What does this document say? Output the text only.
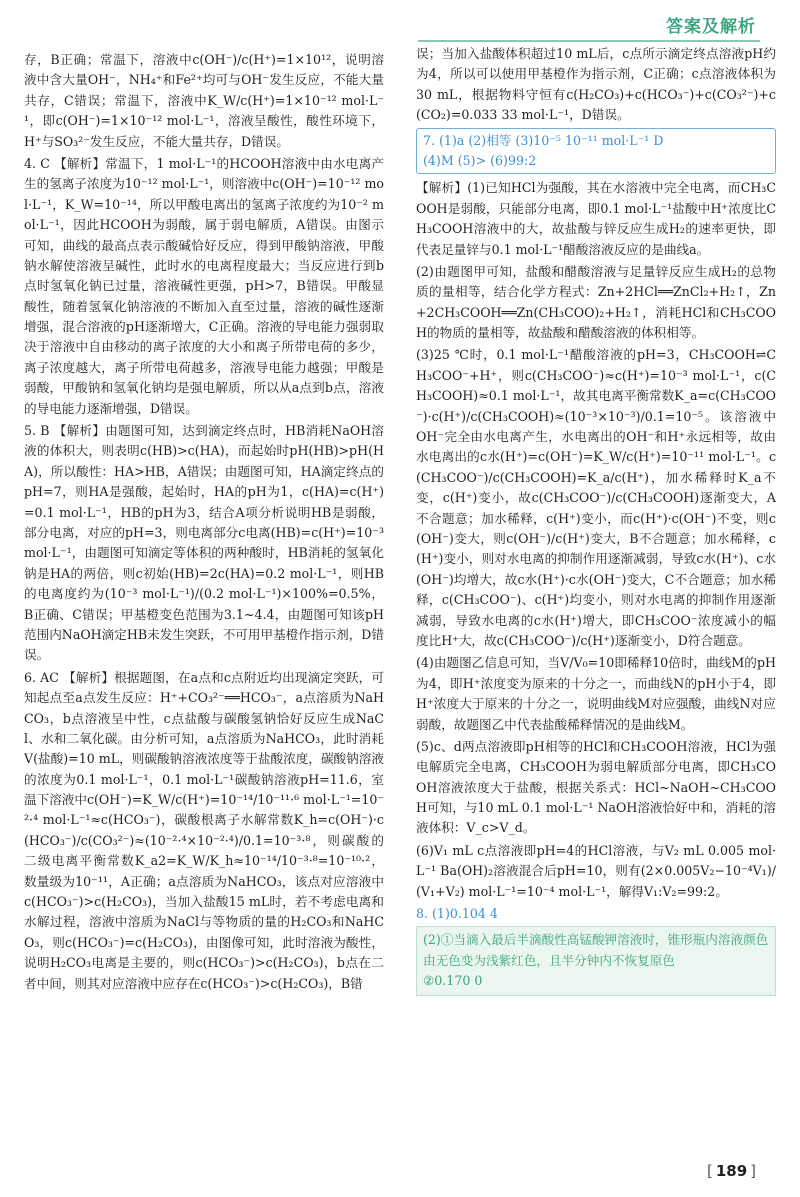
答案及解析

存，B正确；常温下，溶液中c(OH⁻)/c(H⁺)=1×10¹²，说明溶液中含大量OH⁻，NH₄⁺和Fe²⁺均可与OH⁻发生反应，不能大量共存，C错误；常温下，溶液中K_W/c(H⁺)=1×10⁻¹² mol·L⁻¹，即c(OH⁻)=1×10⁻¹² mol·L⁻¹，溶液呈酸性，酸性环境下，H⁺与SO₃²⁻发生反应，不能大量共存，D错误。

4. C 【解析】常温下，1 mol·L⁻¹的HCOOH溶液中由水电离产生的氢离子浓度为10⁻¹² mol·L⁻¹，则溶液中c(OH⁻)=10⁻¹² mol·L⁻¹，K_W=10⁻¹⁴，所以甲酸电离出的氢离子浓度约为10⁻² mol·L⁻¹，因此HCOOH为弱酸，属于弱电解质，A错误。由图示可知，曲线的最高点表示酸碱恰好反应，得到甲酸钠溶液，甲酸钠水解使溶液呈碱性，此时水的电离程度最大；当反应进行到b点时氢氧化钠已过量，溶液碱性更强，pH>7，B错误。甲酸显酸性，随着氢氧化钠溶液的不断加入直至过量，溶液的碱性逐渐增强，混合溶液的pH逐渐增大，C正确。溶液的导电能力强弱取决于溶液中自由移动的离子浓度的大小和离子所带电荷的多少，离子浓度越大，离子所带电荷越多，溶液导电能力越强；甲酸是弱酸，甲酸钠和氢氧化钠均是强电解质，所以从a点到b点，溶液的导电能力逐渐增强，D错误。

5. B 【解析】由题图可知，达到滴定终点时，HB消耗NaOH溶液的体积大，则表明c(HB)>c(HA)，而起始时pH(HB)>pH(HA)，所以酸性：HA>HB，A错误；由题图可知，HA滴定终点的pH=7，则HA是强酸，起始时，HA的pH为1，c(HA)=c(H⁺)=0.1 mol·L⁻¹，HB的pH为3，结合A项分析说明HB是弱酸，部分电离，对应的pH=3，则电离部分c电离(HB)=c(H⁺)=10⁻³ mol·L⁻¹，由题图可知滴定等体积的两种酸时，HB消耗的氢氧化钠是HA的两倍，则c初始(HB)=2c(HA)=0.2 mol·L⁻¹，则HB的电离度约为(10⁻³ mol·L⁻¹)/(0.2 mol·L⁻¹)×100%=0.5%，B正确、C错误；甲基橙变色范围为3.1~4.4，由题图可知该pH范围内NaOH滴定HB未发生突跃，不可用甲基橙作指示剂，D错误。

6. AC 【解析】根据题图，在a点和c点附近均出现滴定突跃，可知起点至a点发生反应：H⁺+CO₃²⁻══HCO₃⁻，a点溶质为NaHCO₃，b点溶液呈中性，c点盐酸与碳酸氢钠恰好反应生成NaCl、水和二氧化碳。由分析可知，a点溶质为NaHCO₃，此时消耗V(盐酸)=10 mL，则碳酸钠溶液浓度等于盐酸浓度，碳酸钠溶液的浓度为0.1 mol·L⁻¹，0.1 mol·L⁻¹碳酸钠溶液pH=11.6，室温下溶液中c(OH⁻)=K_W/c(H⁺)=10⁻¹⁴/10⁻¹¹·⁶ mol·L⁻¹=10⁻²·⁴ mol·L⁻¹≈c(HCO₃⁻)，碳酸根离子水解常数K_h=c(OH⁻)·c(HCO₃⁻)/c(CO₃²⁻)≈(10⁻²·⁴×10⁻²·⁴)/0.1=10⁻³·⁸，则碳酸的二级电离平衡常数K_a2=K_W/K_h≈10⁻¹⁴/10⁻³·⁸=10⁻¹⁰·²，数量级为10⁻¹¹，A正确；a点溶质为NaHCO₃，该点对应溶液中c(HCO₃⁻)>c(H₂CO₃)，当加入盐酸15 mL时，若不考虑电离和水解过程，溶液中溶质为NaCl与等物质的量的H₂CO₃和NaHCO₃，则c(HCO₃⁻)=c(H₂CO₃)，由图像可知，此时溶液为酸性，说明H₂CO₃电离是主要的，则c(HCO₃⁻)>c(H₂CO₃)，b点在二者中间，则其对应溶液中应存在c(HCO₃⁻)>c(H₂CO₃)，B错

误；当加入盐酸体积超过10 mL后，c点所示滴定终点溶液pH约为4，所以可以使用甲基橙作为指示剂，C正确；c点溶液体积为30 mL，根据物料守恒有c(H₂CO₃)+c(HCO₃⁻)+c(CO₃²⁻)+c(CO₂)=0.033 33 mol·L⁻¹，D错误。

7. (1)a (2)相等 (3)10⁻⁵ 10⁻¹¹ mol·L⁻¹ D
(4)M (5)> (6)99:2

【解析】(1)已知HCl为强酸，其在水溶液中完全电离，而CH₃COOH是弱酸，只能部分电离，即0.1 mol·L⁻¹盐酸中H⁺浓度比CH₃COOH溶液中的大，故盐酸与锌反应生成H₂的速率更快，即代表足量锌与0.1 mol·L⁻¹醋酸溶液反应的是曲线a。

(2)由题图甲可知，盐酸和醋酸溶液与足量锌反应生成H₂的总物质的量相等，结合化学方程式：Zn+2HCl══ZnCl₂+H₂↑，Zn+2CH₃COOH══Zn(CH₃COO)₂+H₂↑，消耗HCl和CH₃COOH的物质的量相等，故盐酸和醋酸溶液的体积相等。

(3)25 ℃时，0.1 mol·L⁻¹醋酸溶液的pH=3，CH₃COOH⇌CH₃COO⁻+H⁺，则c(CH₃COO⁻)≈c(H⁺)=10⁻³ mol·L⁻¹，c(CH₃COOH)≈0.1 mol·L⁻¹，故其电离平衡常数K_a=c(CH₃COO⁻)·c(H⁺)/c(CH₃COOH)≈(10⁻³×10⁻³)/0.1=10⁻⁵。该溶液中OH⁻完全由水电离产生，水电离出的OH⁻和H⁺永远相等，故由水电离出的c水(H⁺)=c(OH⁻)=K_W/c(H⁺)=10⁻¹¹ mol·L⁻¹。c(CH₃COO⁻)/c(CH₃COOH)=K_a/c(H⁺)，加水稀释时K_a不变，c(H⁺)变小，故c(CH₃COO⁻)/c(CH₃COOH)逐渐变大，A不合题意；加水稀释，c(H⁺)变小，而c(H⁺)·c(OH⁻)不变，则c(OH⁻)变大，则c(OH⁻)/c(H⁺)变大，B不合题意；加水稀释，c(H⁺)变小，则对水电离的抑制作用逐渐减弱，导致c水(H⁺)、c水(OH⁻)均增大，故c水(H⁺)·c水(OH⁻)变大，C不合题意；加水稀释，c(CH₃COO⁻)、c(H⁺)均变小，则对水电离的抑制作用逐渐减弱，导致水电离的c水(H⁺)增大，即CH₃COO⁻浓度减小的幅度比H⁺大，故c(CH₃COO⁻)/c(H⁺)逐渐变小，D符合题意。

(4)由题图乙信息可知，当V/V₀=10即稀释10倍时，曲线M的pH为4，即H⁺浓度变为原来的十分之一，而曲线N的pH小于4，即H⁺浓度大于原来的十分之一，说明曲线M对应强酸，曲线N对应弱酸，故题图乙中代表盐酸稀释情况的是曲线M。

(5)c、d两点溶液即pH相等的HCl和CH₃COOH溶液，HCl为强电解质完全电离，CH₃COOH为弱电解质部分电离，即CH₃COOH溶液浓度大于盐酸，根据关系式：HCl~NaOH~CH₃COOH可知，与10 mL 0.1 mol·L⁻¹ NaOH溶液恰好中和，消耗的溶液体积：V_c>V_d。

(6)V₁ mL c点溶液即pH=4的HCl溶液，与V₂ mL 0.005 mol·L⁻¹ Ba(OH)₂溶液混合后pH=10，则有(2×0.005V₂−10⁻⁴V₁)/(V₁+V₂) mol·L⁻¹=10⁻⁴ mol·L⁻¹，解得V₁:V₂=99:2。

8. (1)0.104 4
(2)①当滴入最后半滴酸性高锰酸钾溶液时，锥形瓶内溶液颜色由无色变为浅紫红色，且半分钟内不恢复原色
②0.170 0
[ 189 ]
